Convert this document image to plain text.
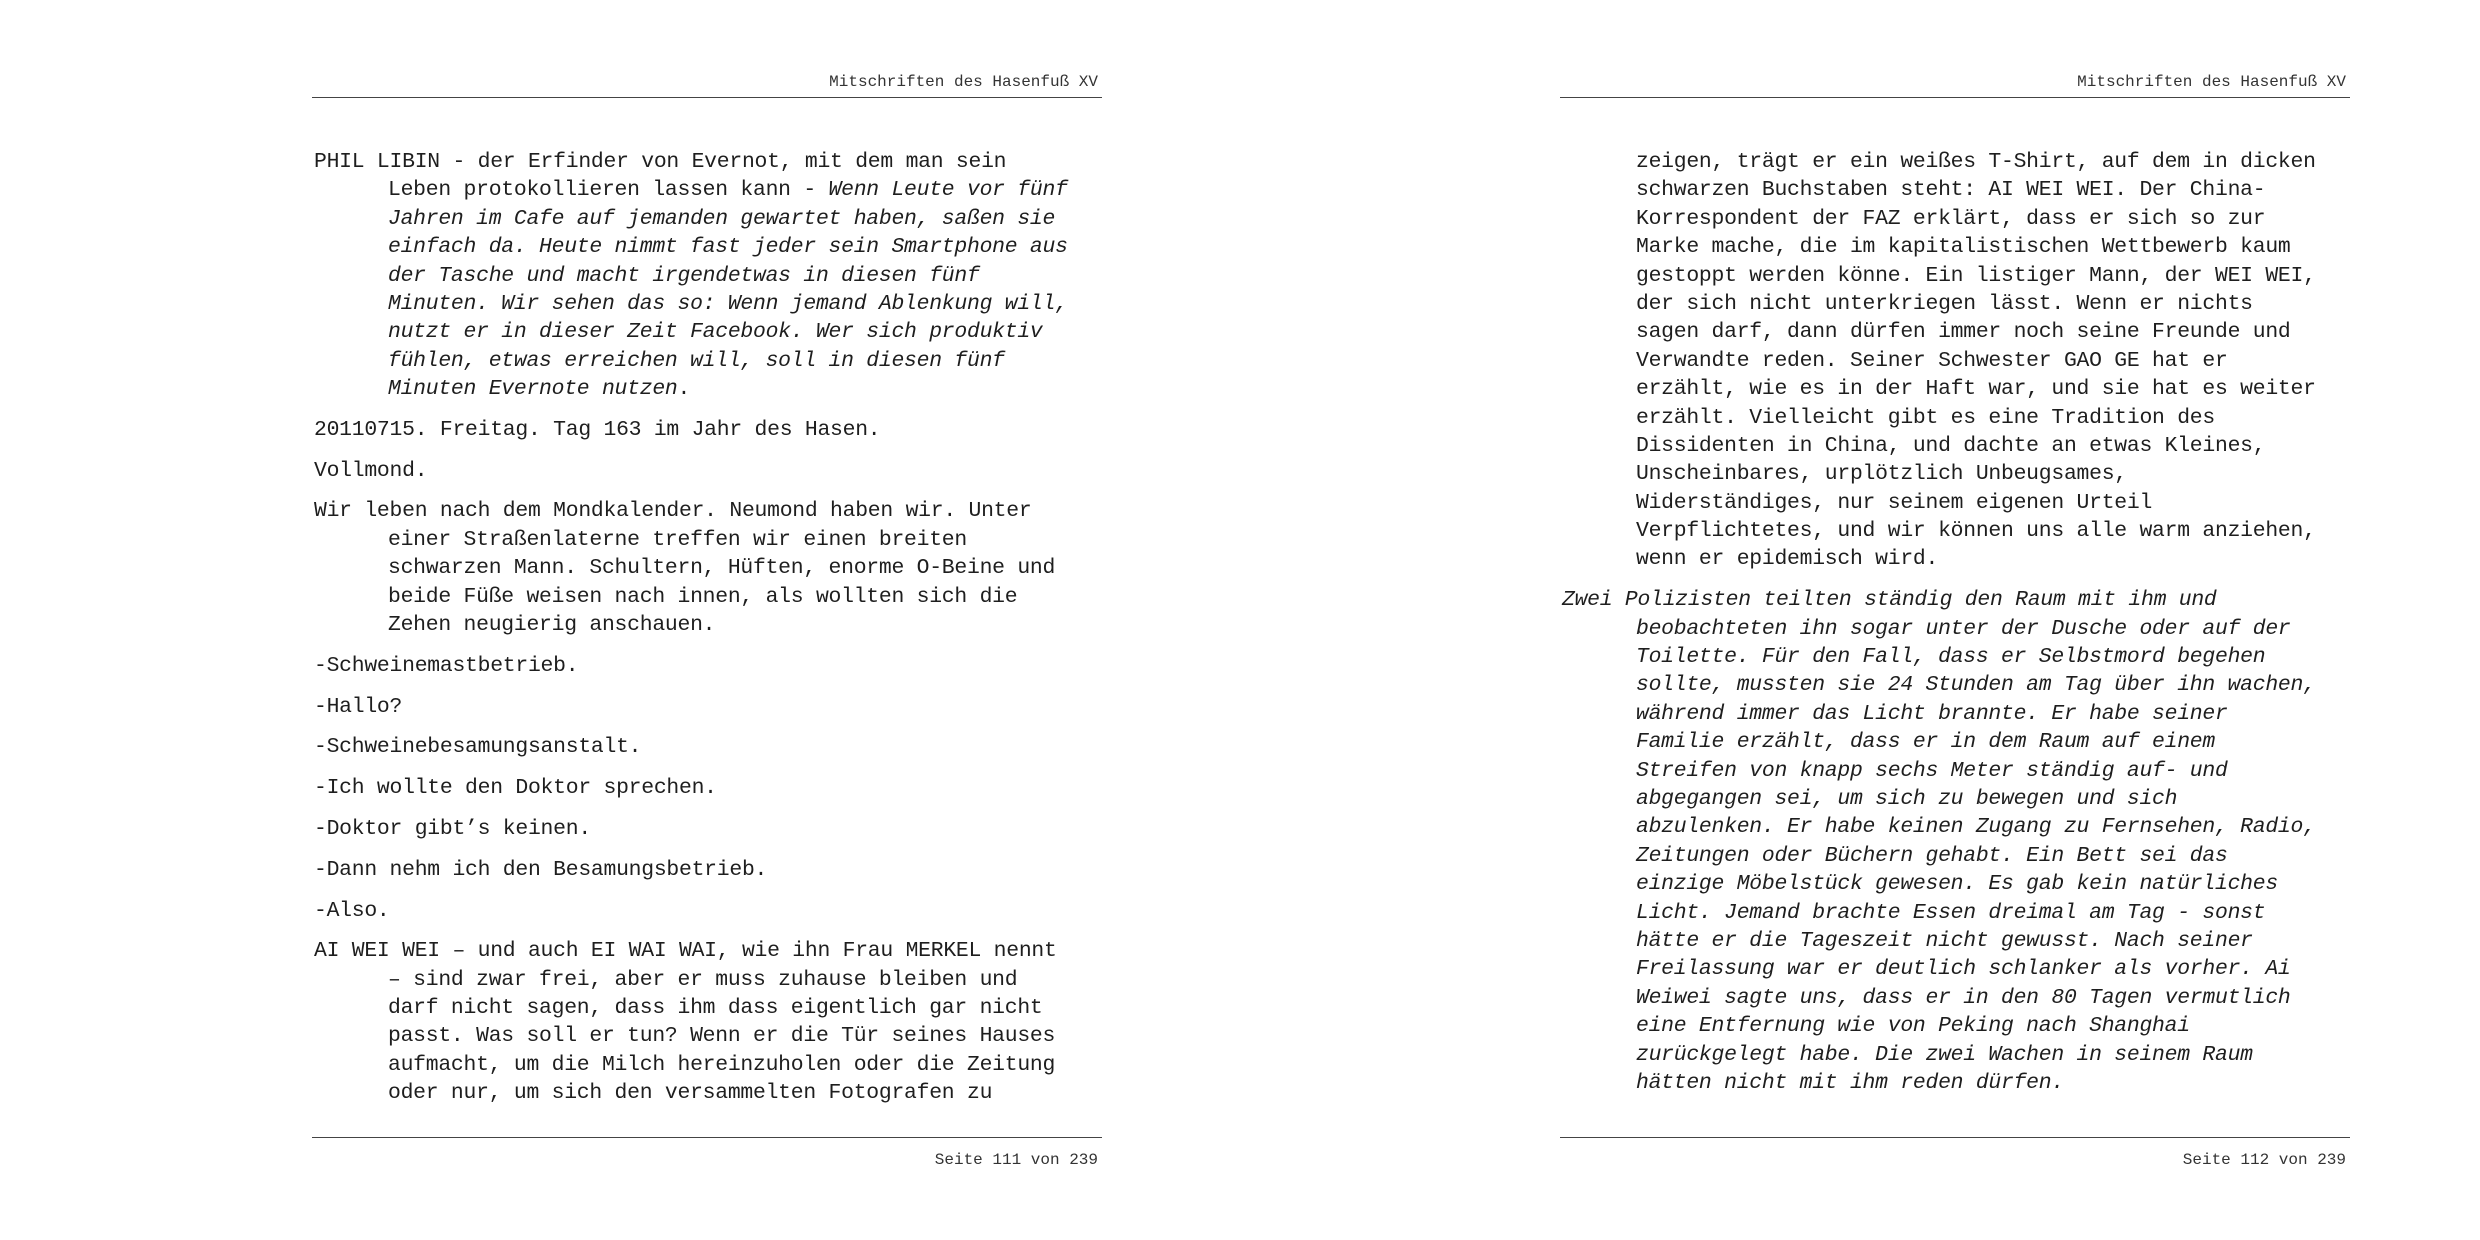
Mitschriften des Hasenfuß XV
PHIL LIBIN - der Erfinder von Evernot, mit dem man sein
Leben protokollieren lassen kann - Wenn Leute vor fünf
Jahren im Cafe auf jemanden gewartet haben, saßen sie
einfach da. Heute nimmt fast jeder sein Smartphone aus
der Tasche und macht irgendetwas in diesen fünf
Minuten. Wir sehen das so: Wenn jemand Ablenkung will,
nutzt er in dieser Zeit Facebook. Wer sich produktiv
fühlen, etwas erreichen will, soll in diesen fünf
Minuten Evernote nutzen.
20110715. Freitag. Tag 163 im Jahr des Hasen.
Vollmond.
Wir leben nach dem Mondkalender. Neumond haben wir. Unter
einer Straßenlaterne treffen wir einen breiten
schwarzen Mann. Schultern, Hüften, enorme O-Beine und
beide Füße weisen nach innen, als wollten sich die
Zehen neugierig anschauen.
-Schweinemastbetrieb.
-Hallo?
-Schweinebesamungsanstalt.
-Ich wollte den Doktor sprechen.
-Doktor gibt’s keinen.
-Dann nehm ich den Besamungsbetrieb.
-Also.
AI WEI WEI – und auch EI WAI WAI, wie ihn Frau MERKEL nennt
– sind zwar frei, aber er muss zuhause bleiben und
darf nicht sagen, dass ihm dass eigentlich gar nicht
passt. Was soll er tun? Wenn er die Tür seines Hauses
aufmacht, um die Milch hereinzuholen oder die Zeitung
oder nur, um sich den versammelten Fotografen zu
Seite 111 von 239
Mitschriften des Hasenfuß XV
zeigen, trägt er ein weißes T-Shirt, auf dem in dicken
schwarzen Buchstaben steht: AI WEI WEI. Der China-
Korrespondent der FAZ erklärt, dass er sich so zur
Marke mache, die im kapitalistischen Wettbewerb kaum
gestoppt werden könne. Ein listiger Mann, der WEI WEI,
der sich nicht unterkriegen lässt. Wenn er nichts
sagen darf, dann dürfen immer noch seine Freunde und
Verwandte reden. Seiner Schwester GAO GE hat er
erzählt, wie es in der Haft war, und sie hat es weiter
erzählt. Vielleicht gibt es eine Tradition des
Dissidenten in China, und dachte an etwas Kleines,
Unscheinbares, urplötzlich Unbeugsames,
Widerständiges, nur seinem eigenen Urteil
Verpflichtetes, und wir können uns alle warm anziehen,
wenn er epidemisch wird.
Zwei Polizisten teilten ständig den Raum mit ihm und
beobachteten ihn sogar unter der Dusche oder auf der
Toilette. Für den Fall, dass er Selbstmord begehen
sollte, mussten sie 24 Stunden am Tag über ihn wachen,
während immer das Licht brannte. Er habe seiner
Familie erzählt, dass er in dem Raum auf einem
Streifen von knapp sechs Meter ständig auf- und
abgegangen sei, um sich zu bewegen und sich
abzulenken. Er habe keinen Zugang zu Fernsehen, Radio,
Zeitungen oder Büchern gehabt. Ein Bett sei das
einzige Möbelstück gewesen. Es gab kein natürliches
Licht. Jemand brachte Essen dreimal am Tag - sonst
hätte er die Tageszeit nicht gewusst. Nach seiner
Freilassung war er deutlich schlanker als vorher. Ai
Weiwei sagte uns, dass er in den 80 Tagen vermutlich
eine Entfernung wie von Peking nach Shanghai
zurückgelegt habe. Die zwei Wachen in seinem Raum
hätten nicht mit ihm reden dürfen.
Seite 112 von 239
